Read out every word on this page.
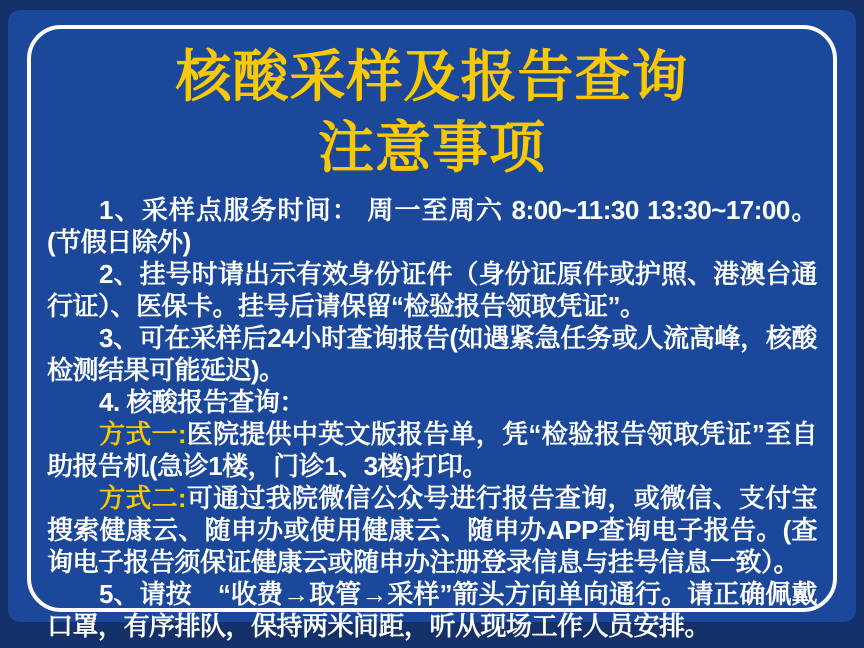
核酸采样及报告查询
注意事项

1、采样点服务时间： 周一至周六 8:00~11:30 13:30~17:00。(节假日除外)

2、挂号时请出示有效身份证件（身份证原件或护照、港澳台通行证）、医保卡。挂号后请保留“检验报告领取凭证”。

3、可在采样后24小时查询报告(如遇紧急任务或人流高峰，核酸检测结果可能延迟)。

4. 核酸报告查询：

方式一:医院提供中英文版报告单，凭“检验报告领取凭证”至自助报告机(急诊1楼，门诊1、3楼)打印。

方式二:可通过我院微信公众号进行报告查询，或微信、支付宝搜索健康云、随申办或使用健康云、随申办APP查询电子报告。(查询电子报告须保证健康云或随申办注册登录信息与挂号信息一致）。

5、请按　“收费→取管→采样”箭头方向单向通行。请正确佩戴口罩，有序排队，保持两米间距，听从现场工作人员安排。
